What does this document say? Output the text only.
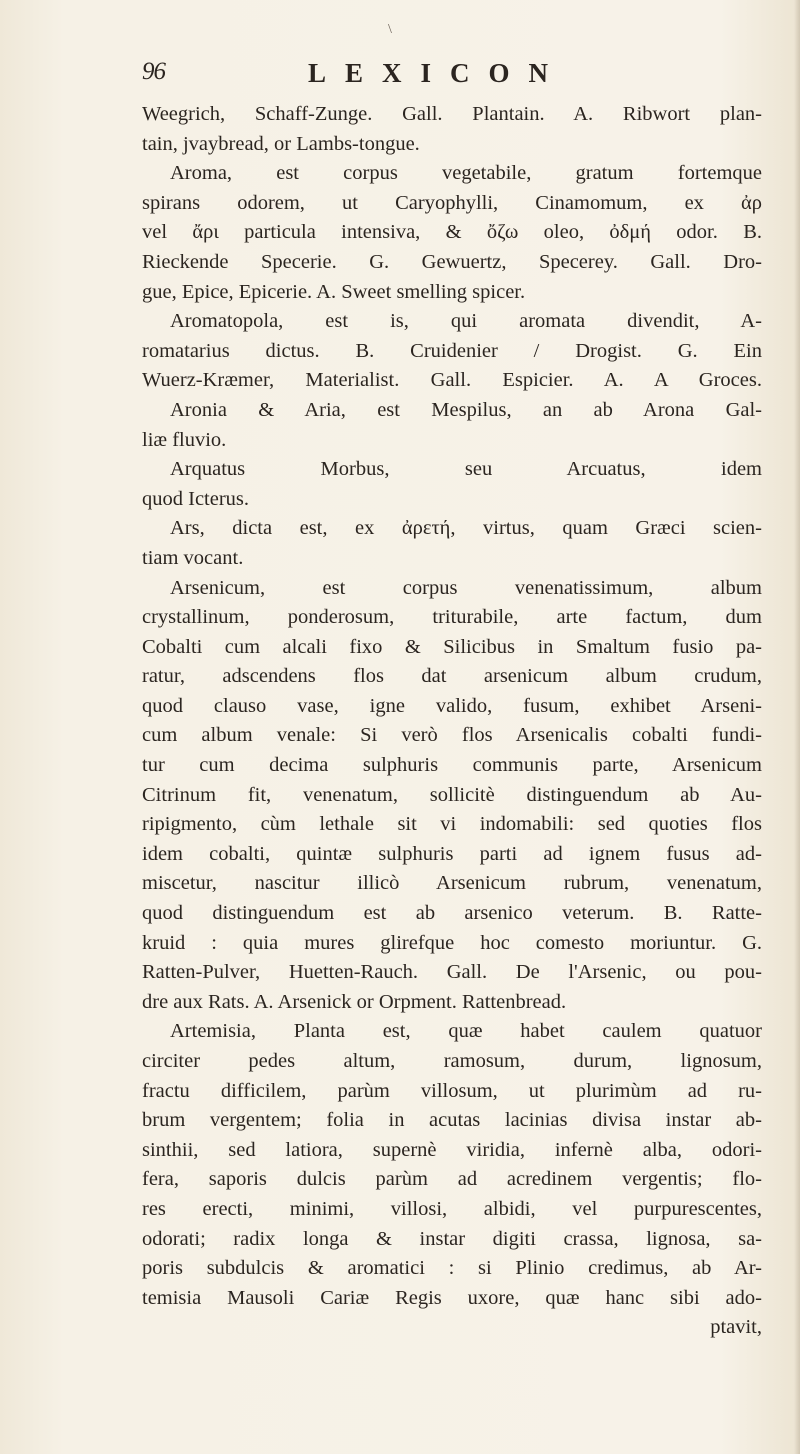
\
96	LEXICON
Weegrich, Schaff-Zunge. Gall. Plantain. A. Ribwort plan-
tain, jvaybread, or Lambs-tongue.
Aroma, est corpus vegetabile, gratum fortemque
spirans odorem, ut Caryophylli, Cinamomum, ex ἀρ
vel ἄρι particula intensiva, & ὄζω oleo, ὀδμή odor. B.
Rieckende Specerie. G. Gewuertz, Specerey. Gall. Dro-
gue, Epice, Epicerie. A. Sweet smelling spicer.
Aromatopola, est is, qui aromata divendit, A-
romatarius dictus. B. Cruidenier / Drogist. G. Ein
Wuerz-Kræmer, Materialist. Gall. Espicier. A. A Groces.
Aronia & Aria, est Mespilus, an ab Arona Gal-
liæ fluvio.
Arquatus Morbus, seu Arcuatus, idem
quod Icterus.
Ars, dicta est, ex ἀρετή, virtus, quam Græci scien-
tiam vocant.
Arsenicum, est corpus venenatissimum, album
crystallinum, ponderosum, triturabile, arte factum, dum
Cobalti cum alcali fixo & Silicibus in Smaltum fusio pa-
ratur, adscendens flos dat arsenicum album crudum,
quod clauso vase, igne valido, fusum, exhibet Arseni-
cum album venale: Si verò flos Arsenicalis cobalti fundi-
tur cum decima sulphuris communis parte, Arsenicum
Citrinum fit, venenatum, sollicitè distinguendum ab Au-
ripigmento, cùm lethale sit vi indomabili: sed quoties flos
idem cobalti, quintæ sulphuris parti ad ignem fusus ad-
miscetur, nascitur illicò Arsenicum rubrum, venenatum,
quod distinguendum est ab arsenico veterum. B. Ratte-
kruid : quia mures glirefque hoc comesto moriuntur. G.
Ratten-Pulver, Huetten-Rauch. Gall. De l'Arsenic, ou pou-
dre aux Rats. A. Arsenick or Orpment. Rattenbread.
Artemisia, Planta est, quæ habet caulem quatuor
circiter pedes altum, ramosum, durum, lignosum,
fractu difficilem, parùm villosum, ut plurimùm ad ru-
brum vergentem; folia in acutas lacinias divisa instar ab-
sinthii, sed latiora, supernè viridia, infernè alba, odori-
fera, saporis dulcis parùm ad acredinem vergentis; flo-
res erecti, minimi, villosi, albidi, vel purpurescentes,
odorati; radix longa & instar digiti crassa, lignosa, sa-
poris subdulcis & aromatici : si Plinio credimus, ab Ar-
temisia Mausoli Cariæ Regis uxore, quæ hanc sibi ado-
ptavit,
